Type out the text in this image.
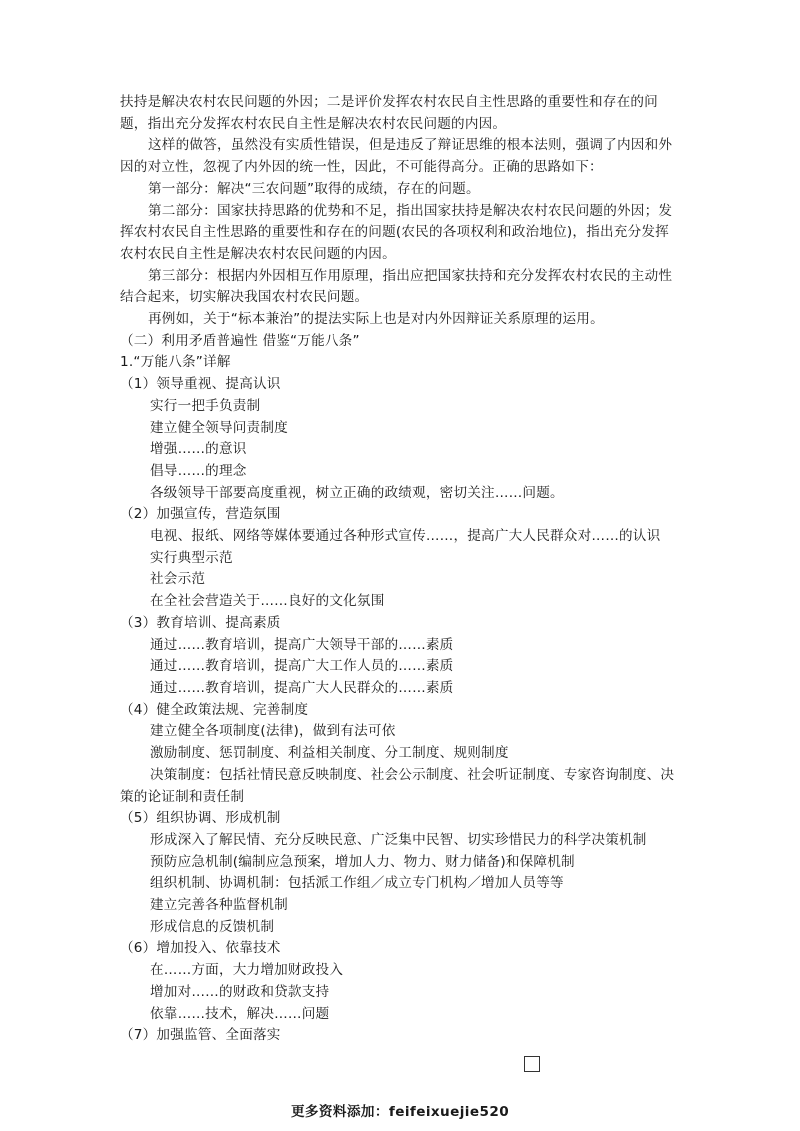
扶持是解决农村农民问题的外因；二是评价发挥农村农民自主性思路的重要性和存在的问题，指出充分发挥农村农民自主性是解决农村农民问题的内因。

这样的做答，虽然没有实质性错误，但是违反了辩证思维的根本法则，强调了内因和外因的对立性，忽视了内外因的统一性，因此，不可能得高分。正确的思路如下：

第一部分：解决“三农问题”取得的成绩，存在的问题。

第二部分：国家扶持思路的优势和不足，指出国家扶持是解决农村农民问题的外因；发挥农村农民自主性思路的重要性和存在的问题(农民的各项权利和政治地位)，指出充分发挥农村农民自主性是解决农村农民问题的内因。

第三部分：根据内外因相互作用原理，指出应把国家扶持和充分发挥农村农民的主动性结合起来，切实解决我国农村农民问题。

再例如，关于“标本兼治”的提法实际上也是对内外因辩证关系原理的运用。

（二）利用矛盾普遍性 借鉴“万能八条”

1.“万能八条”详解

（1）领导重视、提高认识

实行一把手负责制

建立健全领导问责制度

增强……的意识

倡导……的理念

各级领导干部要高度重视，树立正确的政绩观，密切关注……问题。

（2）加强宣传，营造氛围

电视、报纸、网络等媒体要通过各种形式宣传……，提高广大人民群众对……的认识

实行典型示范

社会示范

在全社会营造关于……良好的文化氛围

（3）教育培训、提高素质

通过……教育培训，提高广大领导干部的……素质

通过……教育培训，提高广大工作人员的……素质

通过……教育培训，提高广大人民群众的……素质

（4）健全政策法规、完善制度

建立健全各项制度(法律)，做到有法可依

激励制度、惩罚制度、利益相关制度、分工制度、规则制度

决策制度：包括社情民意反映制度、社会公示制度、社会听证制度、专家咨询制度、决策的论证制和责任制

（5）组织协调、形成机制

形成深入了解民情、充分反映民意、广泛集中民智、切实珍惜民力的科学决策机制

预防应急机制(编制应急预案，增加人力、物力、财力储备)和保障机制

组织机制、协调机制：包括派工作组／成立专门机构／增加人员等等

建立完善各种监督机制

形成信息的反馈机制

（6）增加投入、依靠技术

在……方面，大力增加财政投入

增加对……的财政和贷款支持

依靠……技术，解决……问题

（7）加强监管、全面落实

更多资料添加：feifeixuejie520
